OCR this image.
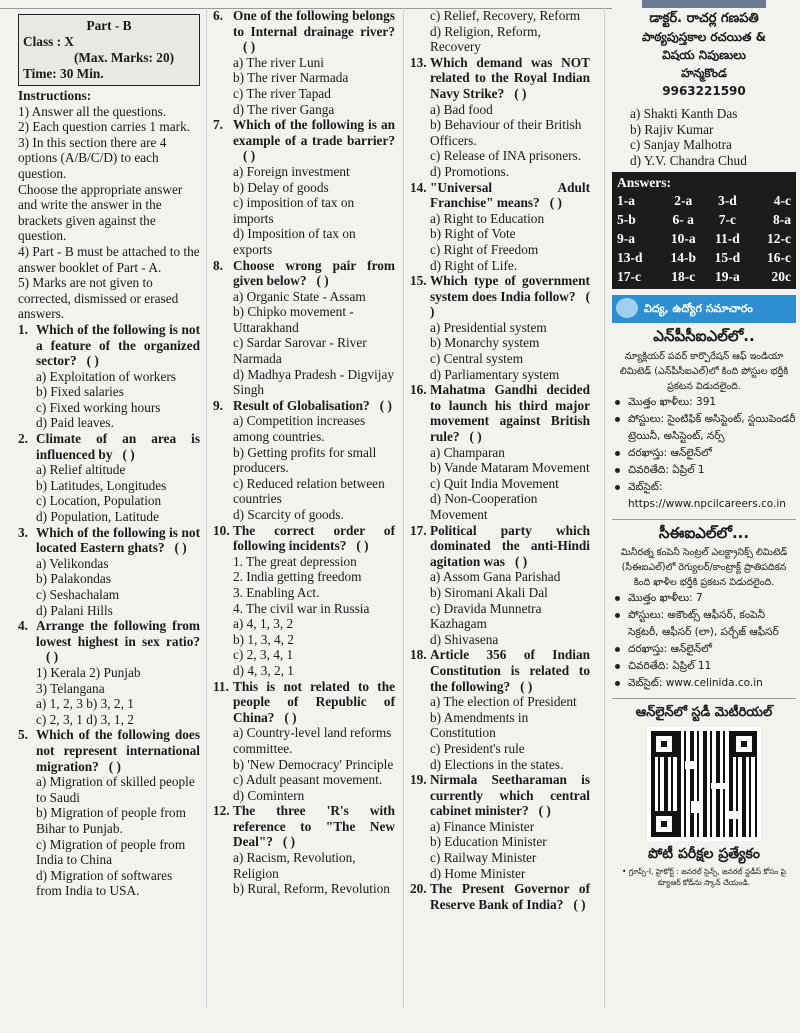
Part - B
Class : X
(Max. Marks: 20)
Time: 30 Min.
Instructions:

1) Answer all the questions.

2) Each question carries 1 mark.

3) In this section there are 4 options (A/B/C/D) to each question.

Choose the appropriate answer and write the answer in the brackets given against the question.

4) Part - B must be attached to the answer booklet of Part - A.

5) Marks are not given to corrected, dismissed or erased answers.

1. Which of the following is not a feature of the organized sector? ( )
a) Exploitation of workers
b) Fixed salaries
c) Fixed working hours
d) Paid leaves.
2. Climate of an area is influenced by ( )
a) Relief altitude
b) Latitudes, Longitudes
c) Location, Population
d) Population, Latitude
3. Which of the following is not located Eastern ghats? ( )
a) Velikondas
b) Palakondas
c) Seshachalam
d) Palani Hills
4. Arrange the following from lowest highest in sex ratio?( )
1) Kerala 2) Punjab
3) Telangana
a) 1, 2, 3 b) 3, 2, 1
c) 2, 3, 1 d) 3, 1, 2
5. Which of the following does not represent international migration? ( )
a) Migration of skilled people to Saudi
b) Migration of people from Bihar to Punjab.
c) Migration of people from India to China
d) Migration of softwares from India to USA.
6. One of the following belongs to Internal drainage river?( )
a) The river Luni
b) The river Narmada
c) The river Tapad
d) The river Ganga
7. Which of the following is an example of a trade barrier?( )
a) Foreign investment
b) Delay of goods
c) imposition of tax on imports
d) Imposition of tax on exports
8. Choose wrong pair from given below? ( )
a) Organic State - Assam
b) Chipko movement - Uttarakhand
c) Sardar Sarovar - River Narmada
d) Madhya Pradesh - Digvijay Singh
9. Result of Globalisation? ( )
a) Competition increases among countries.
b) Getting profits for small producers.
c) Reduced relation between countries
d) Scarcity of goods.
10. The correct order of following incidents? ( )
1. The great depression
2. India getting freedom
3. Enabling Act.
4. The civil war in Russia
a) 4, 1, 3, 2
b) 1, 3, 4, 2
c) 2, 3, 4, 1
d) 4, 3, 2, 1
11. This is not related to the people of Republic of China? ( )
a) Country-level land reforms committee.
b) 'New Democracy' Principle
c) Adult peasant movement. d) Comintern
12. The three 'R's with reference to "The New Deal"? ( )
a) Racism, Revolution, Religion
b) Rural, Reform, Revolution
c) Relief, Recovery, Reform
d) Religion, Reform, Recovery
13. Which demand was NOT related to the Royal Indian Navy Strike? ( )
a) Bad food
b) Behaviour of their British Officers.
c) Release of INA prisoners.
d) Promotions.
14. "Universal Adult Franchise" means? ( )
a) Right to Education
b) Right of Vote
c) Right of Freedom
d) Right of Life.
15. Which type of government system does India follow? ( )
a) Presidential system
b) Monarchy system
c) Central system
d) Parliamentary system
16. Mahatma Gandhi decided to launch his third major movement against British rule? ( )
a) Champaran
b) Vande Mataram Movement
c) Quit India Movement
d) Non-Cooperation Movement
17. Political party which dominated the anti-Hindi agitation was ( )
a) Assom Gana Parishad
b) Siromani Akali Dal
c) Dravida Munnetra Kazhagam
d) Shivasena
18. Article 356 of Indian Constitution is related to the following? ( )
a) The election of President
b) Amendments in Constitution
c) President's rule
d) Elections in the states.
19. Nirmala Seetharaman is currently which central cabinet minister? ( )
a) Finance Minister
b) Education Minister
c) Railway Minister
d) Home Minister
20. The Present Governor of Reserve Bank of India? ( )
డాక్టర్. రాచర్ల గణపతి
పాఠ్యపుస్తకాల రచయిత &
విషయ నిపుణులు
హన్మకొండ
9963221590
a) Shakti Kanth Das
b) Rajiv Kumar
c) Sanjay Malhotra
d) Y.V. Chandra Chud
Answers:
1-a	2-a	3-d	4-c
5-b	6- a	7-c	8-a
9-a	10-a	11-d	12-c
13-d	14-b	15-d	16-c
17-c	18-c	19-a	20c
విద్య, ఉద్యోగ సమాచారం
ఎన్‌పీసీఐఎల్‌లో..
న్యూక్లియర్ పవర్ కార్పొరేషన్ ఆఫ్ ఇండియా లిమిటెడ్ (ఎన్‌పీసీఐఎల్)లో కింది పోస్టుల భర్తీకి ప్రకటన విడుదలైంది.
మొత్తం ఖాళీలు: 391
పోస్టులు: సైంటిఫిక్ అసిస్టెంట్, స్టయిపెండరీ ట్రెయినీ, అసిస్టెంట్, నర్స్
దరఖాస్తు: ఆన్‌లైన్‌లో
చివరితేది: ఏప్రిల్ 1
వెబ్‌సైట్: https://www.npcilcareers.co.in
సీఈఐఎల్‌లో...
మినీరత్న కంపెనీ సెంట్రల్ ఎలక్ట్రానిక్స్ లిమిటెడ్ (సీఈఐఎల్)లో రెగ్యులర్/కాంట్రాక్ట్ ప్రాతిపదికన కింది ఖాళీల భర్తీకి ప్రకటన విడుదలైంది.
మొత్తం ఖాళీలు: 7
పోస్టులు: అకౌంట్స్ ఆఫీసర్, కంపెనీ సెక్రటరీ, ఆఫీసర్ (లా), పర్చేజ్ ఆఫీసర్
దరఖాస్తు: ఆన్‌లైన్‌లో
చివరితేది: ఏప్రిల్ 11
వెబ్‌సైట్: www.celinida.co.in
ఆన్‌లైన్‌లో స్టడీ మెటీరియల్
పోటీ పరీక్షల ప్రత్యేకం
• గ్రూప్స్-I, హైకోర్ట్ : జనరల్ సైన్స్, జనరల్ స్టడీస్ కోసం పై క్యూఆర్ కోడ్‌ను స్కాన్ చేయండి.
